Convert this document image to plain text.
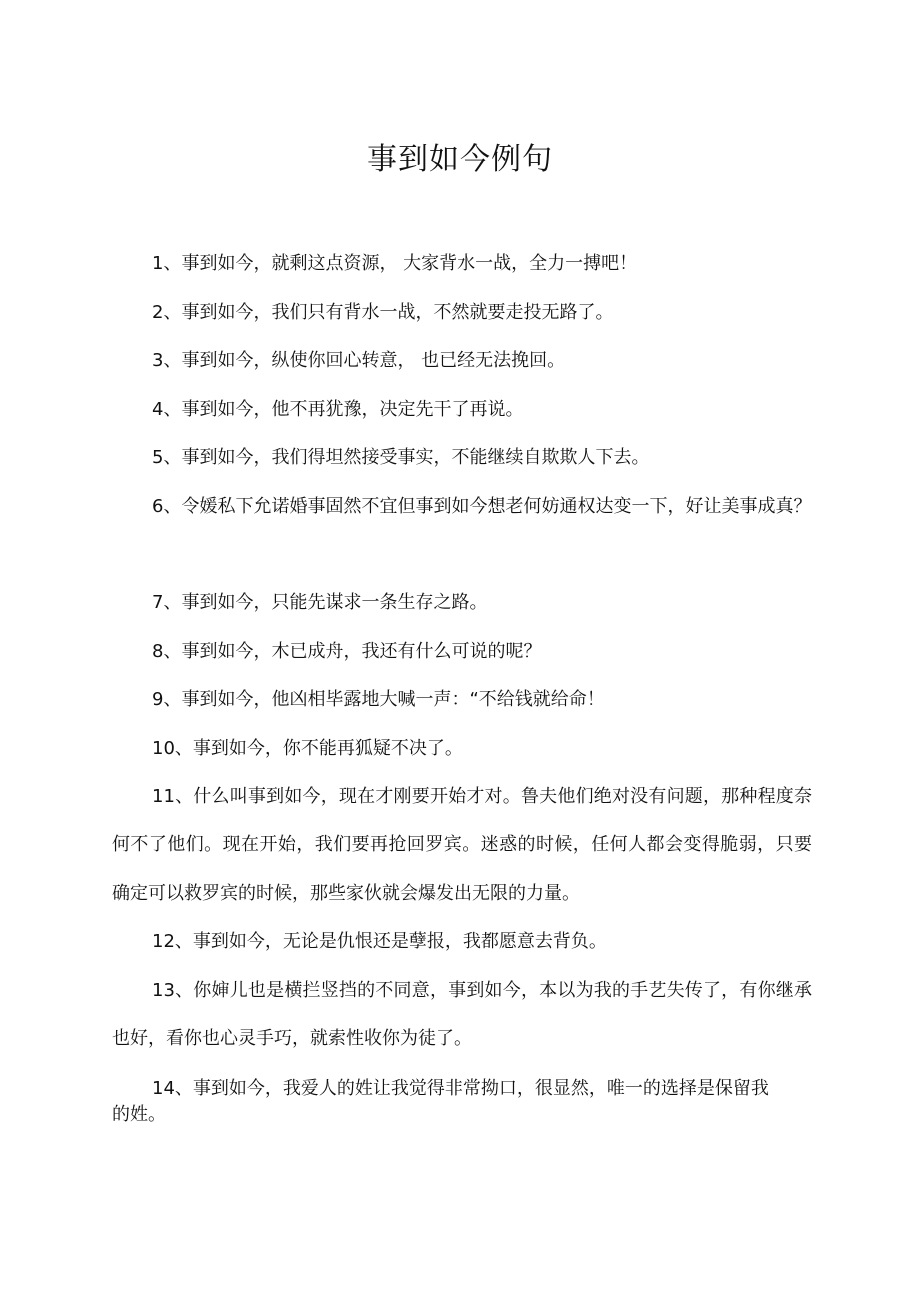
事到如今例句

1、事到如今，就剩这点资源， 大家背水一战，全力一搏吧！

2、事到如今，我们只有背水一战，不然就要走投无路了。

3、事到如今，纵使你回心转意， 也已经无法挽回。

4、事到如今，他不再犹豫，决定先干了再说。

5、事到如今，我们得坦然接受事实，不能继续自欺欺人下去。

6、令媛私下允诺婚事固然不宜但事到如今想老何妨通权达变一下，好让美事成真？

7、事到如今，只能先谋求一条生存之路。

8、事到如今，木已成舟，我还有什么可说的呢？

9、事到如今，他凶相毕露地大喊一声：“不给钱就给命！

10、事到如今，你不能再狐疑不决了。

11、什么叫事到如今，现在才刚要开始才对。鲁夫他们绝对没有问题，那种程度奈何不了他们。现在开始，我们要再抢回罗宾。迷惑的时候，任何人都会变得脆弱，只要确定可以救罗宾的时候，那些家伙就会爆发出无限的力量。

12、事到如今，无论是仇恨还是孽报，我都愿意去背负。

13、你婶儿也是横拦竖挡的不同意，事到如今，本以为我的手艺失传了，有你继承也好，看你也心灵手巧，就索性收你为徒了。

14、事到如今，我爱人的姓让我觉得非常拗口，很显然，唯一的选择是保留我的姓。
